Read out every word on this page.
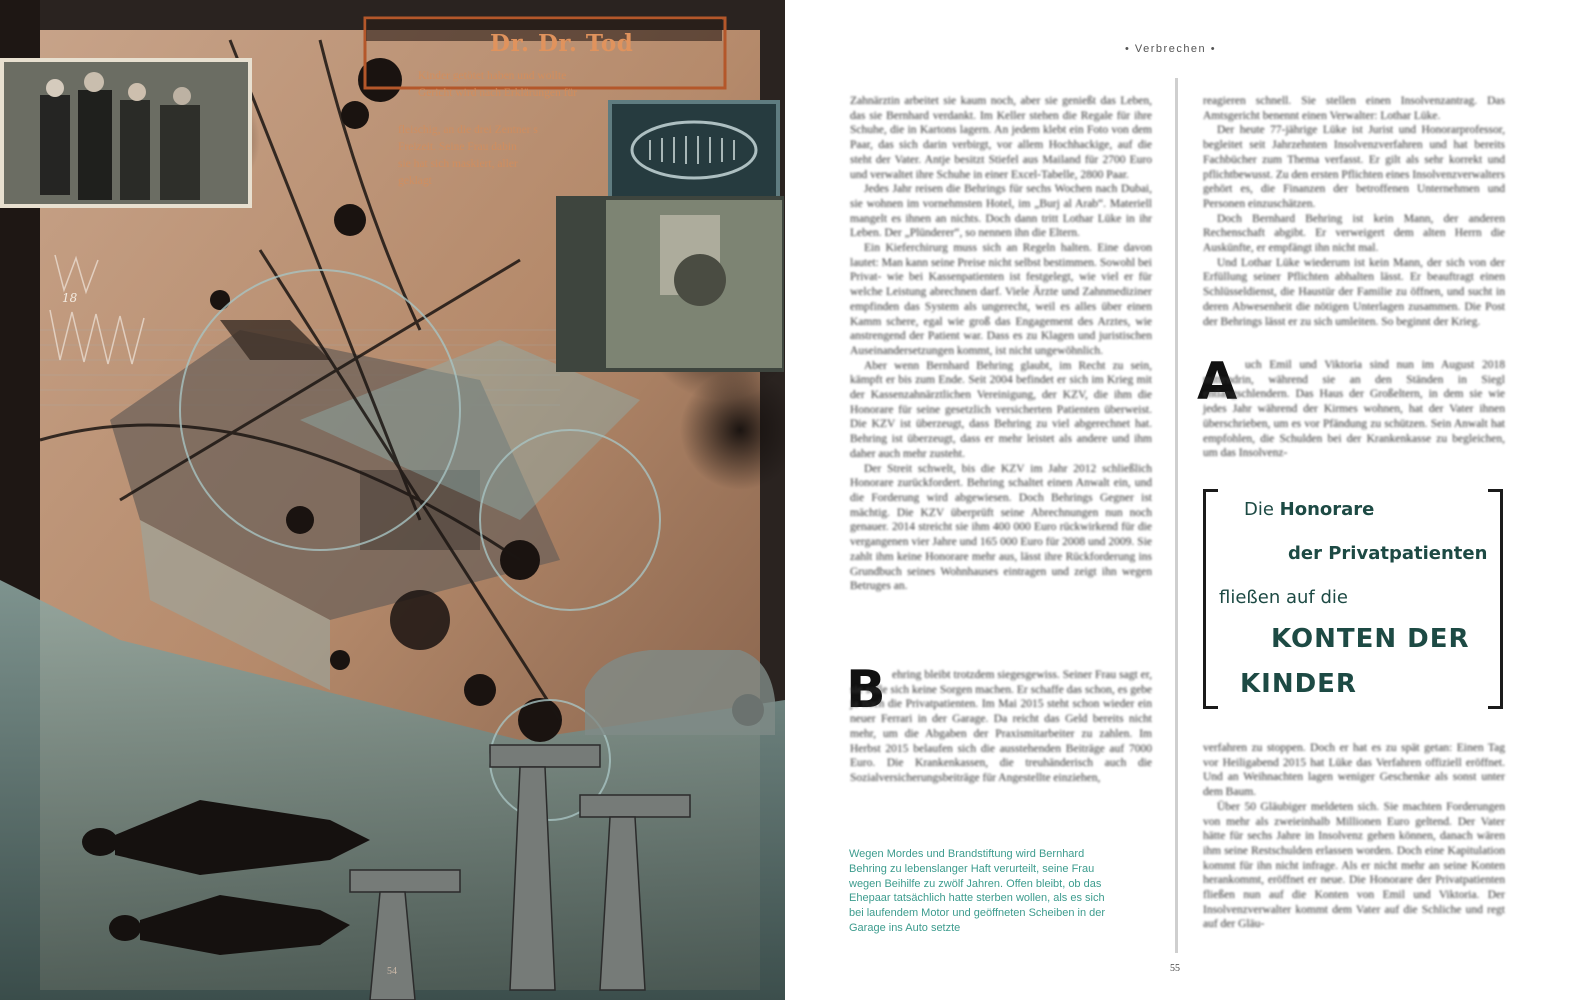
18
Dr. Dr. Tod
Kinder getötet haben und wollte
Gericht wird nach Erklärungen für
fleischig, an die drei Zentner s
Freizeit. Seine Frau dabin
sie hat sich maskiert, aller
geklagt
54
• Verbrechen •

Zahnärztin arbeitet sie kaum noch, aber sie genießt das Leben, das sie Bernhard verdankt. Im Keller stehen die Regale für ihre Schuhe, die in Kartons lagern. An jedem klebt ein Foto von dem Paar, das sich darin verbirgt, vor allem Hochhackige, auf die steht der Vater. Antje besitzt Stiefel aus Mailand für 2700 Euro und verwaltet ihre Schuhe in einer Excel-Tabelle, 2800 Paar.

Jedes Jahr reisen die Behrings für sechs Wochen nach Dubai, sie wohnen im vornehmsten Hotel, im „Burj al Arab“. Materiell mangelt es ihnen an nichts. Doch dann tritt Lothar Lüke in ihr Leben. Der „Plünderer“, so nennen ihn die Eltern.

Ein Kieferchirurg muss sich an Regeln halten. Eine davon lautet: Man kann seine Preise nicht selbst bestimmen. Sowohl bei Privat- wie bei Kassenpatienten ist festgelegt, wie viel er für welche Leistung abrechnen darf. Viele Ärzte und Zahnmediziner empfinden das System als ungerecht, weil es alles über einen Kamm schere, egal wie groß das Engagement des Arztes, wie anstrengend der Patient war. Dass es zu Klagen und juristischen Auseinandersetzungen kommt, ist nicht ungewöhnlich.

Aber wenn Bernhard Behring glaubt, im Recht zu sein, kämpft er bis zum Ende. Seit 2004 befindet er sich im Krieg mit der Kassenzahnärztlichen Vereinigung, der KZV, die ihm die Honorare für seine gesetzlich versicherten Patienten überweist. Die KZV ist überzeugt, dass Behring zu viel abgerechnet hat. Behring ist überzeugt, dass er mehr leistet als andere und ihm daher auch mehr zusteht.

Der Streit schwelt, bis die KZV im Jahr 2012 schließlich Honorare zurückfordert. Behring schaltet einen Anwalt ein, und die Forderung wird abgewiesen. Doch Behrings Gegner ist mächtig. Die KZV überprüft seine Abrechnungen nun noch genauer. 2014 streicht sie ihm 400 000 Euro rückwirkend für die vergangenen vier Jahre und 165 000 Euro für 2008 und 2009. Sie zahlt ihm keine Honorare mehr aus, lässt ihre Rückforderung ins Grundbuch seines Wohnhauses eintragen und zeigt ihn wegen Betruges an.

B ehring bleibt trotzdem siegesgewiss. Seiner Frau sagt er, sie solle sich keine Sorgen machen. Er schaffe das schon, es gebe ja noch die Privatpatienten. Im Mai 2015 steht schon wieder ein neuer Ferrari in der Garage. Da reicht das Geld bereits nicht mehr, um die Abgaben der Praxismitarbeiter zu zahlen. Im Herbst 2015 belaufen sich die ausstehenden Beiträge auf 7000 Euro. Die Krankenkassen, die treuhänderisch auch die Sozialversicherungsbeiträge für Angestellte einziehen,

Wegen Mordes und Brandstiftung wird Bernhard Behring zu lebenslanger Haft verurteilt, seine Frau wegen Beihilfe zu zwölf Jahren. Offen bleibt, ob das Ehepaar tatsächlich hatte sterben wollen, als es sich bei laufendem Motor und geöffneten Scheiben in der Garage ins Auto setzte

reagieren schnell. Sie stellen einen Insolvenzantrag. Das Amtsgericht benennt einen Verwalter: Lothar Lüke.

Der heute 77-jährige Lüke ist Jurist und Honorarprofessor, begleitet seit Jahrzehnten Insolvenzverfahren und hat bereits Fachbücher zum Thema verfasst. Er gilt als sehr korrekt und pflichtbewusst. Zu den ersten Pflichten eines Insolvenzverwalters gehört es, die Finanzen der betroffenen Unternehmen und Personen einzuschätzen.

Doch Bernhard Behring ist kein Mann, der anderen Rechenschaft abgibt. Er verweigert dem alten Herrn die Auskünfte, er empfängt ihn nicht mal.

Und Lothar Lüke wiederum ist kein Mann, der sich von der Erfüllung seiner Pflichten abhalten lässt. Er beauftragt einen Schlüsseldienst, die Haustür der Familie zu öffnen, und sucht in deren Abwesenheit die nötigen Unterlagen zusammen. Die Post der Behrings lässt er zu sich umleiten. So beginnt der Krieg.

A uch Emil und Viktoria sind nun im August 2018 mittendrin, während sie an den Ständen in Siegl entlangschlendern. Das Haus der Großeltern, in dem sie wie jedes Jahr während der Kirmes wohnen, hat der Vater ihnen überschrieben, um es vor Pfändung zu schützen. Sein Anwalt hat empfohlen, die Schulden bei der Krankenkasse zu begleichen, um das Insolvenz-

Die Honorare
der Privatpatienten
fließen auf die
KONTEN DER
KINDER

verfahren zu stoppen. Doch er hat es zu spät getan: Einen Tag vor Heiligabend 2015 hat Lüke das Verfahren offiziell eröffnet. Und an Weihnachten lagen weniger Geschenke als sonst unter dem Baum.

Über 50 Gläubiger meldeten sich. Sie machten Forderungen von mehr als zweieinhalb Millionen Euro geltend. Der Vater hätte für sechs Jahre in Insolvenz gehen können, danach wären ihm seine Restschulden erlassen worden. Doch eine Kapitulation kommt für ihn nicht infrage. Als er nicht mehr an seine Konten herankommt, eröffnet er neue. Die Honorare der Privatpatienten fließen nun auf die Konten von Emil und Viktoria. Der Insolvenzverwalter kommt dem Vater auf die Schliche und regt auf der Gläu-

55
